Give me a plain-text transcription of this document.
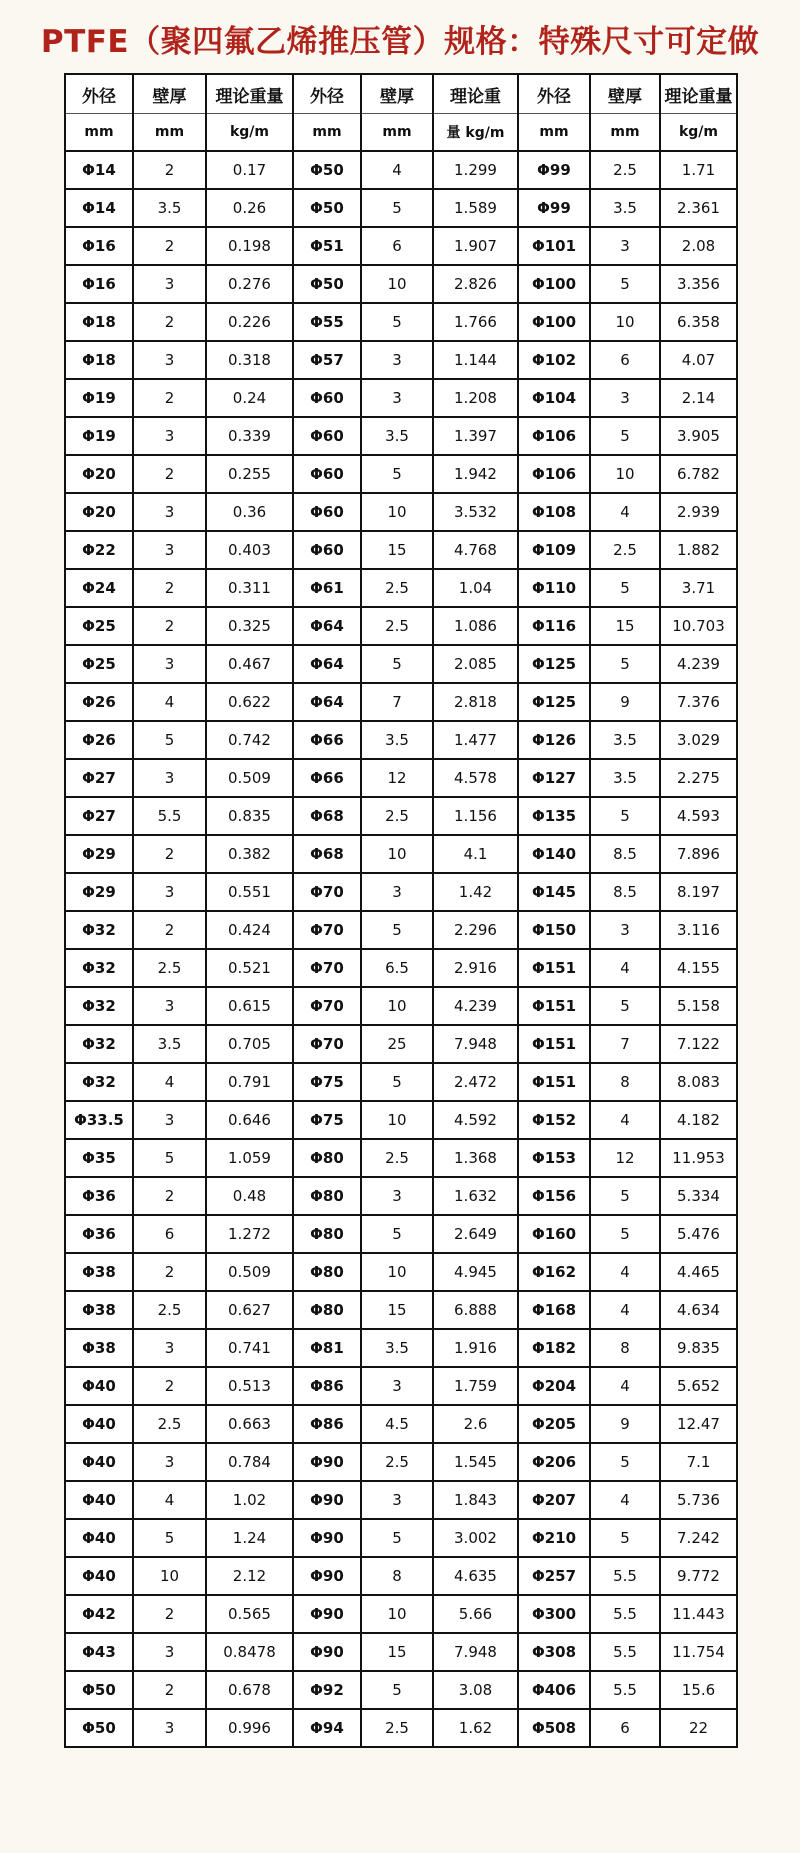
PTFE（聚四氟乙烯推压管）规格：特殊尺寸可定做
外径	壁厚	理论重量	外径	壁厚	理论重	外径	壁厚	理论重量
mm	mm	kg/m	mm	mm	量 kg/m	mm	mm	kg/m
Φ14	2	0.17	Φ50	4	1.299	Φ99	2.5	1.71
Φ14	3.5	0.26	Φ50	5	1.589	Φ99	3.5	2.361
Φ16	2	0.198	Φ51	6	1.907	Φ101	3	2.08
Φ16	3	0.276	Φ50	10	2.826	Φ100	5	3.356
Φ18	2	0.226	Φ55	5	1.766	Φ100	10	6.358
Φ18	3	0.318	Φ57	3	1.144	Φ102	6	4.07
Φ19	2	0.24	Φ60	3	1.208	Φ104	3	2.14
Φ19	3	0.339	Φ60	3.5	1.397	Φ106	5	3.905
Φ20	2	0.255	Φ60	5	1.942	Φ106	10	6.782
Φ20	3	0.36	Φ60	10	3.532	Φ108	4	2.939
Φ22	3	0.403	Φ60	15	4.768	Φ109	2.5	1.882
Φ24	2	0.311	Φ61	2.5	1.04	Φ110	5	3.71
Φ25	2	0.325	Φ64	2.5	1.086	Φ116	15	10.703
Φ25	3	0.467	Φ64	5	2.085	Φ125	5	4.239
Φ26	4	0.622	Φ64	7	2.818	Φ125	9	7.376
Φ26	5	0.742	Φ66	3.5	1.477	Φ126	3.5	3.029
Φ27	3	0.509	Φ66	12	4.578	Φ127	3.5	2.275
Φ27	5.5	0.835	Φ68	2.5	1.156	Φ135	5	4.593
Φ29	2	0.382	Φ68	10	4.1	Φ140	8.5	7.896
Φ29	3	0.551	Φ70	3	1.42	Φ145	8.5	8.197
Φ32	2	0.424	Φ70	5	2.296	Φ150	3	3.116
Φ32	2.5	0.521	Φ70	6.5	2.916	Φ151	4	4.155
Φ32	3	0.615	Φ70	10	4.239	Φ151	5	5.158
Φ32	3.5	0.705	Φ70	25	7.948	Φ151	7	7.122
Φ32	4	0.791	Φ75	5	2.472	Φ151	8	8.083
Φ33.5	3	0.646	Φ75	10	4.592	Φ152	4	4.182
Φ35	5	1.059	Φ80	2.5	1.368	Φ153	12	11.953
Φ36	2	0.48	Φ80	3	1.632	Φ156	5	5.334
Φ36	6	1.272	Φ80	5	2.649	Φ160	5	5.476
Φ38	2	0.509	Φ80	10	4.945	Φ162	4	4.465
Φ38	2.5	0.627	Φ80	15	6.888	Φ168	4	4.634
Φ38	3	0.741	Φ81	3.5	1.916	Φ182	8	9.835
Φ40	2	0.513	Φ86	3	1.759	Φ204	4	5.652
Φ40	2.5	0.663	Φ86	4.5	2.6	Φ205	9	12.47
Φ40	3	0.784	Φ90	2.5	1.545	Φ206	5	7.1
Φ40	4	1.02	Φ90	3	1.843	Φ207	4	5.736
Φ40	5	1.24	Φ90	5	3.002	Φ210	5	7.242
Φ40	10	2.12	Φ90	8	4.635	Φ257	5.5	9.772
Φ42	2	0.565	Φ90	10	5.66	Φ300	5.5	11.443
Φ43	3	0.8478	Φ90	15	7.948	Φ308	5.5	11.754
Φ50	2	0.678	Φ92	5	3.08	Φ406	5.5	15.6
Φ50	3	0.996	Φ94	2.5	1.62	Φ508	6	22
